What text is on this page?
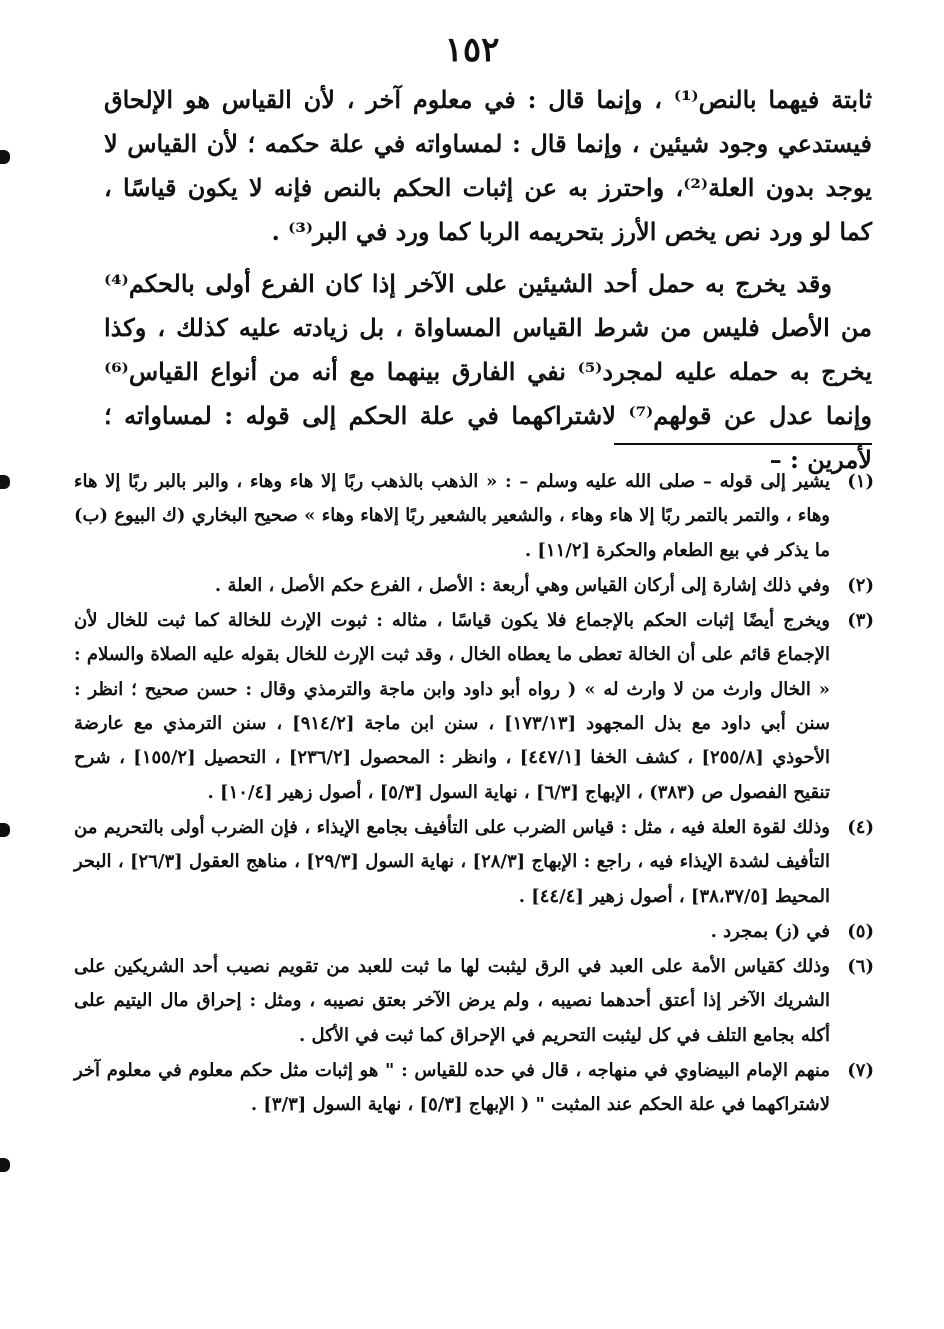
١٥٢
ثابتة فيهما بالنص⁽¹⁾ ، وإنما قال : في معلوم آخر ، لأن القياس هو الإلحاق فيستدعي وجود شيئين ، وإنما قال : لمساواته في علة حكمه ؛ لأن القياس لا يوجد بدون العلة⁽²⁾، واحترز به عن إثبات الحكم بالنص فإنه لا يكون قياسًا ، كما لو ورد نص يخص الأرز بتحريمه الربا كما ورد في البر⁽³⁾ .
وقد يخرج به حمل أحد الشيئين على الآخر إذا كان الفرع أولى بالحكم⁽⁴⁾ من الأصل فليس من شرط القياس المساواة ، بل زيادته عليه كذلك ، وكذا يخرج به حمله عليه لمجرد⁽⁵⁾ نفي الفارق بينهما مع أنه من أنواع القياس⁽⁶⁾ وإنما عدل عن قولهم⁽⁷⁾ لاشتراكهما في علة الحكم إلى قوله : لمساواته ؛ لأمرين : –
(١)
يشير إلى قوله – صلى الله عليه وسلم – : « الذهب بالذهب ربًا إلا هاء وهاء ، والبر بالبر ربًا إلا هاء وهاء ، والتمر بالتمر ربًا إلا هاء وهاء ، والشعير بالشعير ربًا إلاهاء وهاء » صحيح البخاري (ك البيوع (ب) ما يذكر في بيع الطعام والحكرة [١١/٢] .
(٢)
وفي ذلك إشارة إلى أركان القياس وهي أربعة : الأصل ، الفرع حكم الأصل ، العلة .
(٣)
ويخرج أيضًا إثبات الحكم بالإجماع فلا يكون قياسًا ، مثاله : ثبوت الإرث للخالة كما ثبت للخال لأن الإجماع قائم على أن الخالة تعطى ما يعطاه الخال ، وقد ثبت الإرث للخال بقوله عليه الصلاة والسلام : « الخال وارث من لا وارث له » ( رواه أبو داود وابن ماجة والترمذي وقال : حسن صحيح ؛ انظر : سنن أبي داود مع بذل المجهود [١٧٣/١٣] ، سنن ابن ماجة [٩١٤/٢] ، سنن الترمذي مع عارضة الأحوذي [٢٥٥/٨] ، كشف الخفا [٤٤٧/١] ، وانظر : المحصول [٢٣٦/٢] ، التحصيل [١٥٥/٢] ، شرح تنقيح الفصول ص (٣٨٣) ، الإبهاج [٦/٣] ، نهاية السول [٥/٣] ، أصول زهير [١٠/٤] .
(٤)
وذلك لقوة العلة فيه ، مثل : قياس الضرب على التأفيف بجامع الإيذاء ، فإن الضرب أولى بالتحريم من التأفيف لشدة الإيذاء فيه ، راجع : الإبهاج [٢٨/٣] ، نهاية السول [٢٩/٣] ، مناهج العقول [٢٦/٣] ، البحر المحيط [٣٨،٣٧/٥] ، أصول زهير [٤٤/٤] .
(٥)
في (ز) بمجرد .
(٦)
وذلك كقياس الأمة على العبد في الرق ليثبت لها ما ثبت للعبد من تقويم نصيب أحد الشريكين على الشريك الآخر إذا أعتق أحدهما نصيبه ، ولم يرض الآخر بعتق نصيبه ، ومثل : إحراق مال اليتيم على أكله بجامع التلف في كل ليثبت التحريم في الإحراق كما ثبت في الأكل .
(٧)
منهم الإمام البيضاوي في منهاجه ، قال في حده للقياس : " هو إثبات مثل حكم معلوم في معلوم آخر لاشتراكهما في علة الحكم عند المثبت " ( الإبهاج [٥/٣] ، نهاية السول [٣/٣] .
